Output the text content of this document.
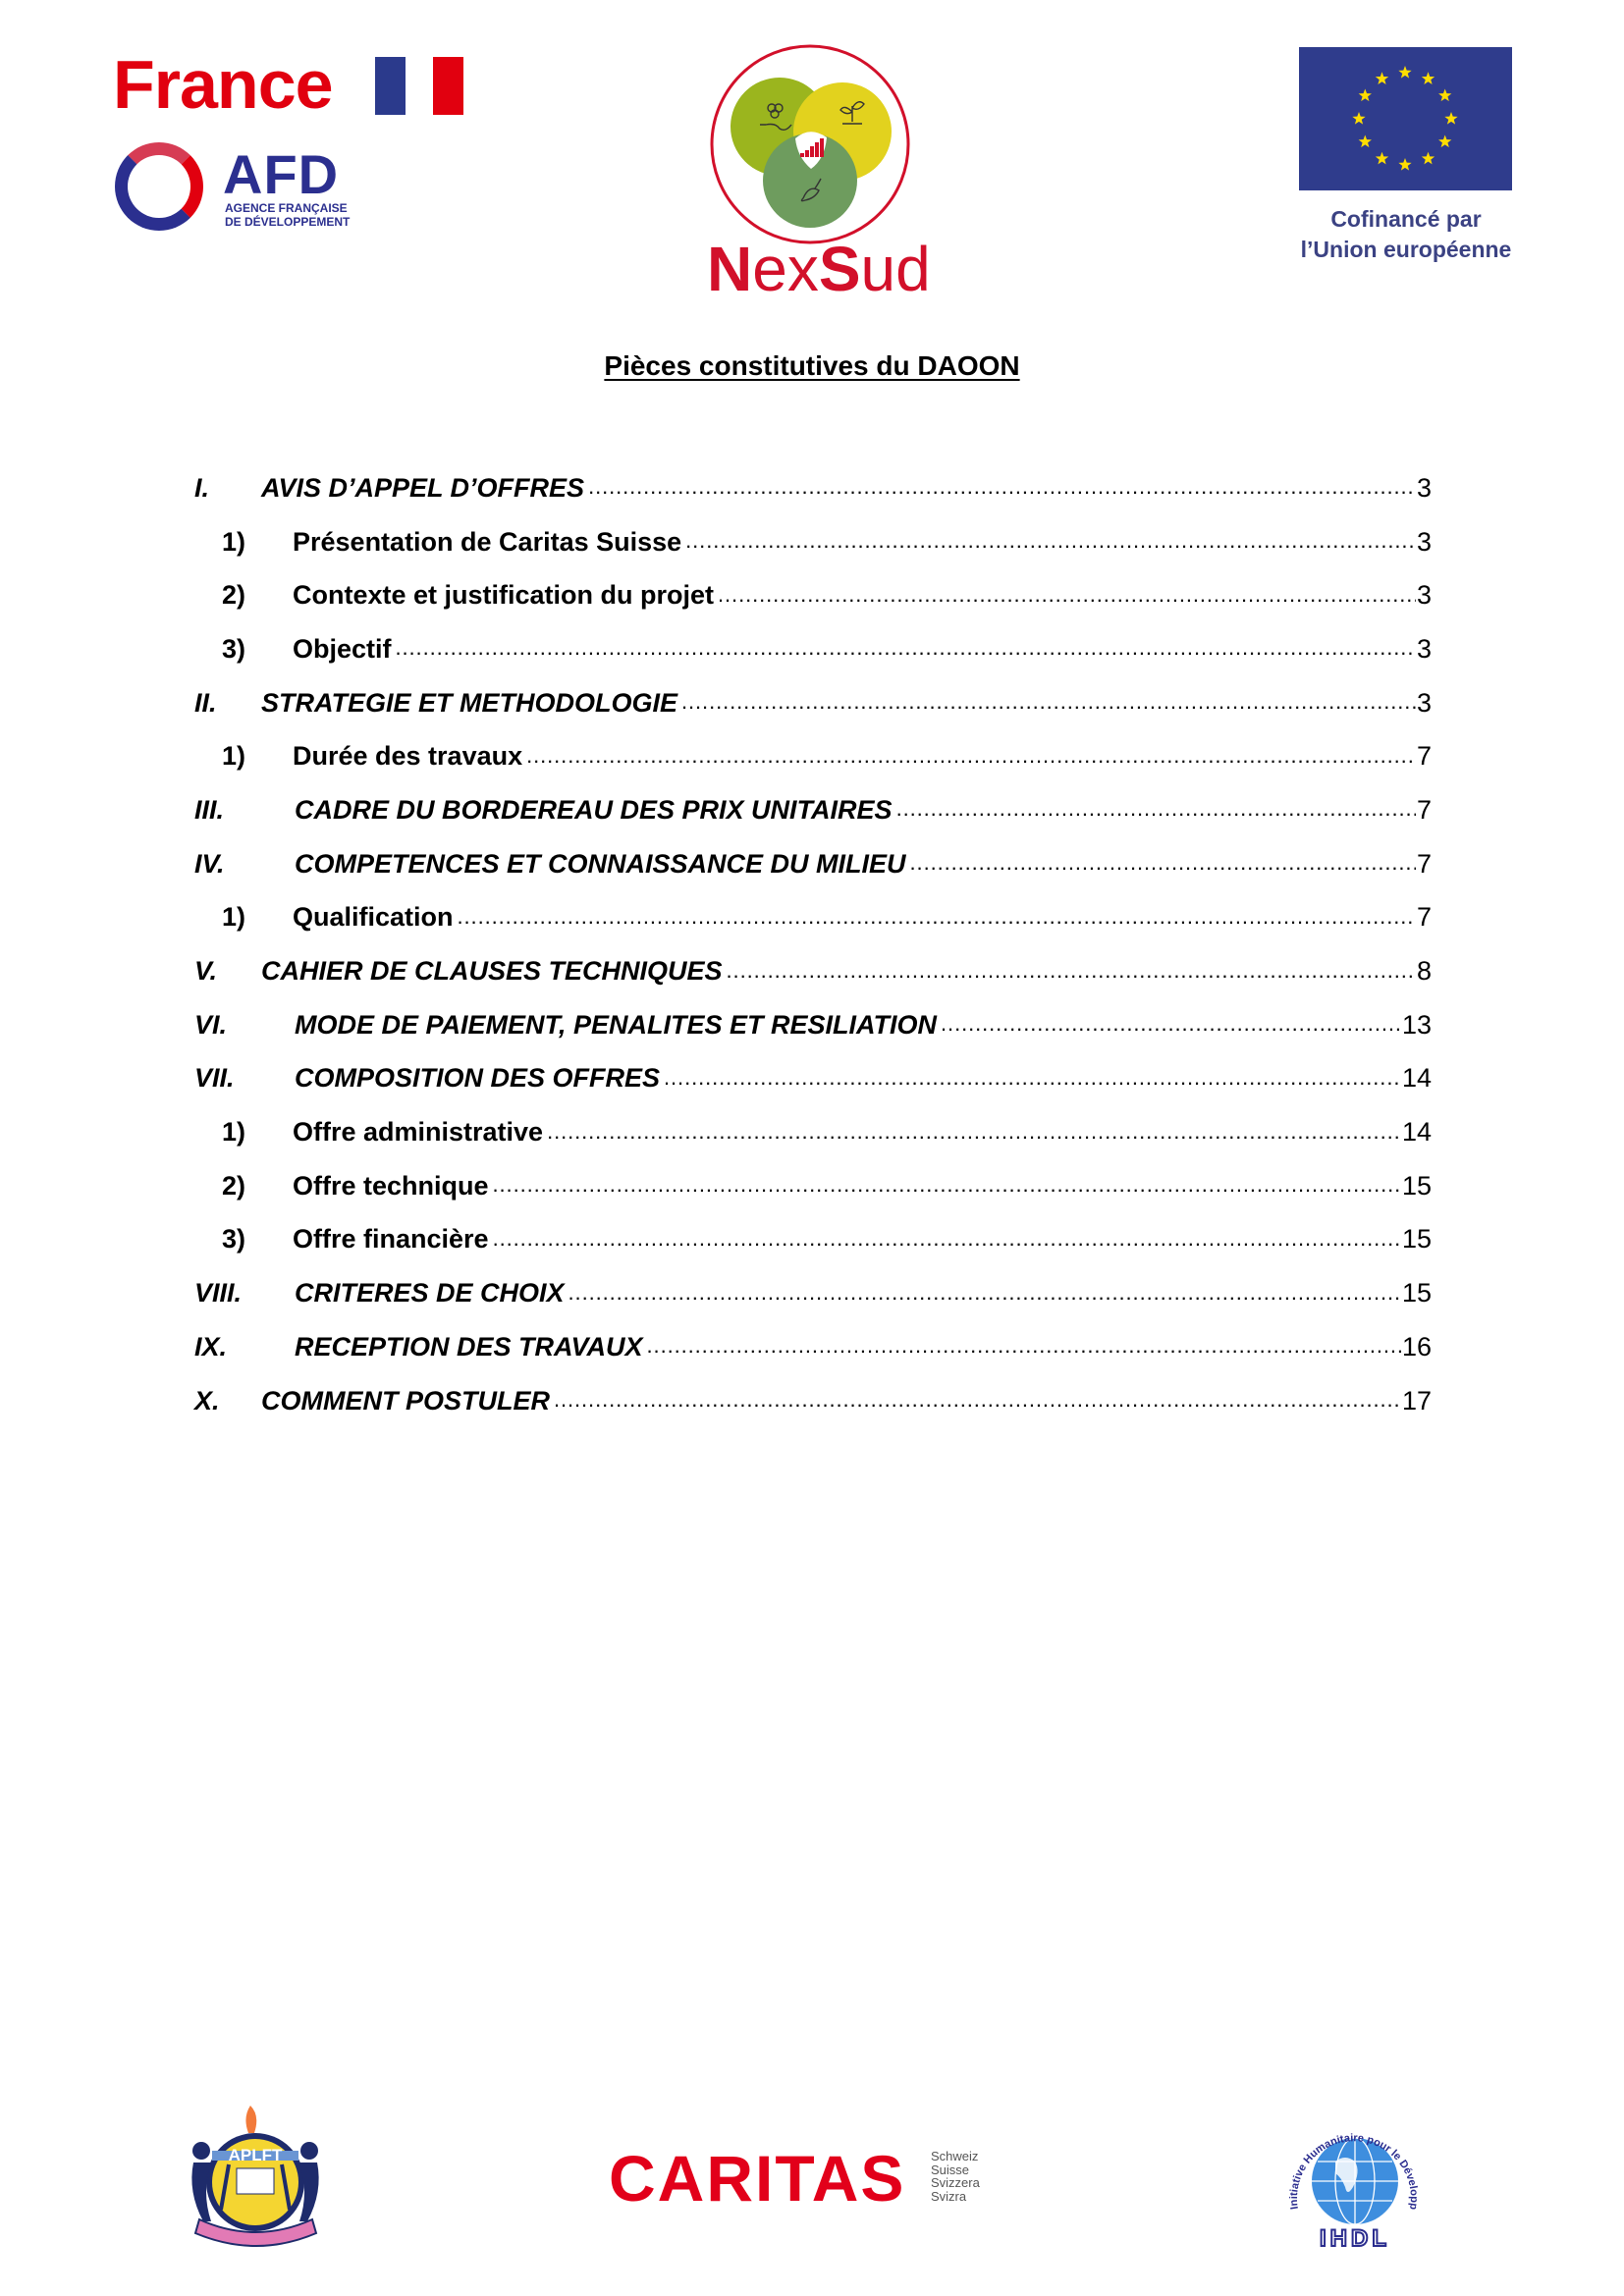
France
AFD
AGENCE FRANÇAISE
DE DÉVELOPPEMENT
NexSud
Cofinancé par
l’Union européenne
Pièces constitutives du DAOON
I.	AVIS D’APPEL D’OFFRES .....	3
1)	Présentation de Caritas Suisse .....	3
2)	Contexte et justification du projet .....	3
3)	Objectif .....	3
II.	STRATEGIE ET METHODOLOGIE .....	3
1)	Durée des travaux .....	7
III.	CADRE DU BORDEREAU DES PRIX UNITAIRES .....	7
IV.	COMPETENCES ET CONNAISSANCE DU MILIEU .....	7
1)	Qualification .....	7
V.	CAHIER DE CLAUSES TECHNIQUES .....	8
VI.	MODE DE PAIEMENT, PENALITES ET RESILIATION .....	13
VII.	COMPOSITION DES OFFRES .....	14
1)	Offre administrative .....	14
2)	Offre technique .....	15
3)	Offre financière .....	15
VIII.	CRITERES DE CHOIX .....	15
IX.	RECEPTION DES TRAVAUX .....	16
X.	COMMENT POSTULER .....	17
APLFT	CARITAS Schweiz
Suisse
Svizzera
Svizra
Initiative Humanitaire pour le Développ
IHDL
